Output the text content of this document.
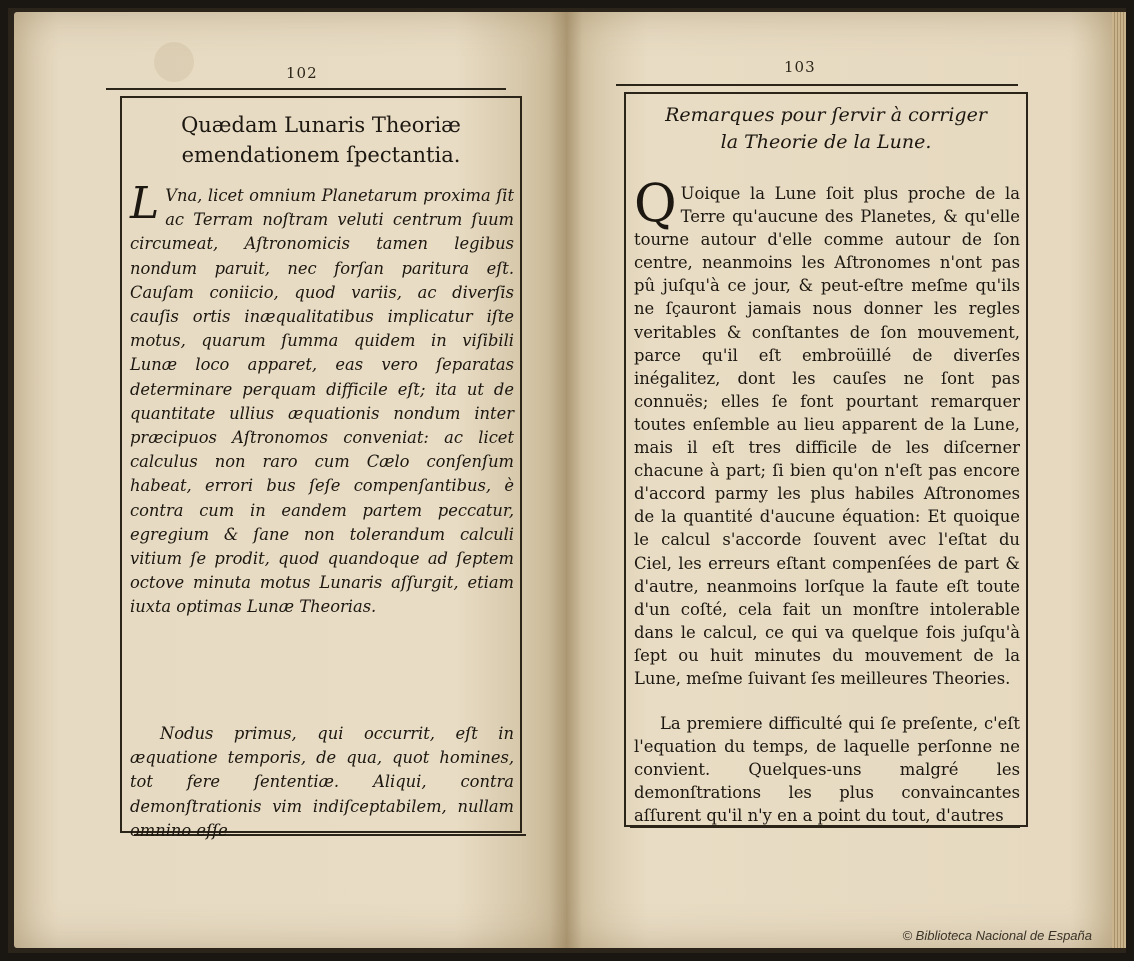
102
Quædam Lunaris Theoriæ emendationem ſpectantia.
L Vna, licet omnium Planetarum proxima ſit ac Terram noſtram veluti centrum ſuum circumeat, Aſtronomicis tamen legibus nondum paruit, nec forſan paritura eſt. Cauſam coniicio, quod variis, ac diverſis cauſis ortis inæqualitatibus implicatur iſte motus, quarum ſumma quidem in viſibili Lunæ loco apparet, eas vero ſeparatas determinare perquam difficile eſt; ita ut de quantitate ullius æquationis nondum inter præcipuos Aſtronomos conveniat: ac licet calculus non raro cum Cælo conſenſum habeat, errori bus ſeſe compenſantibus, è contra cum in eandem partem peccatur, egregium & ſane non tolerandum calculi vitium ſe prodit, quod quandoque ad ſeptem octove minuta motus Lunaris aſſurgit, etiam iuxta optimas Lunæ Theorias.
Nodus primus, qui occurrit, eſt in æquatione temporis, de qua, quot homines, tot fere ſententiæ. Aliqui, contra demonſtrationis vim indiſceptabilem, nullam omnino eſſe
103
Remarques pour ſervir à corriger
la Theorie de la Lune.
Q Uoique la Lune ſoit plus proche de la Terre qu'aucune des Planetes, & qu'elle tourne autour d'elle comme autour de ſon centre, neanmoins les Aſtronomes n'ont pas pû juſqu'à ce jour, & peut-eſtre meſme qu'ils ne ſçauront jamais nous donner les regles veritables & conſtantes de ſon mouvement, parce qu'il eſt embroüillé de diverſes inégalitez, dont les cauſes ne ſont pas connuës; elles ſe font pourtant remarquer toutes enſemble au lieu apparent de la Lune, mais il eſt tres difficile de les diſcerner chacune à part; ſi bien qu'on n'eſt pas encore d'accord parmy les plus habiles Aſtronomes de la quantité d'aucune équation: Et quoique le calcul s'accorde ſouvent avec l'eſtat du Ciel, les erreurs eſtant compenſées de part & d'autre, neanmoins lorſque la faute eſt toute d'un coſté, cela fait un monſtre intolerable dans le calcul, ce qui va quelque fois juſqu'à ſept ou huit minutes du mouvement de la Lune, meſme ſuivant ſes meilleures Theories.
La premiere difficulté qui ſe preſente, c'eſt l'equation du temps, de laquelle perſonne ne convient. Quelques-uns malgré les demonſtrations les plus convaincantes aſſurent qu'il n'y en a point du tout, d'autres
© Biblioteca Nacional de España
